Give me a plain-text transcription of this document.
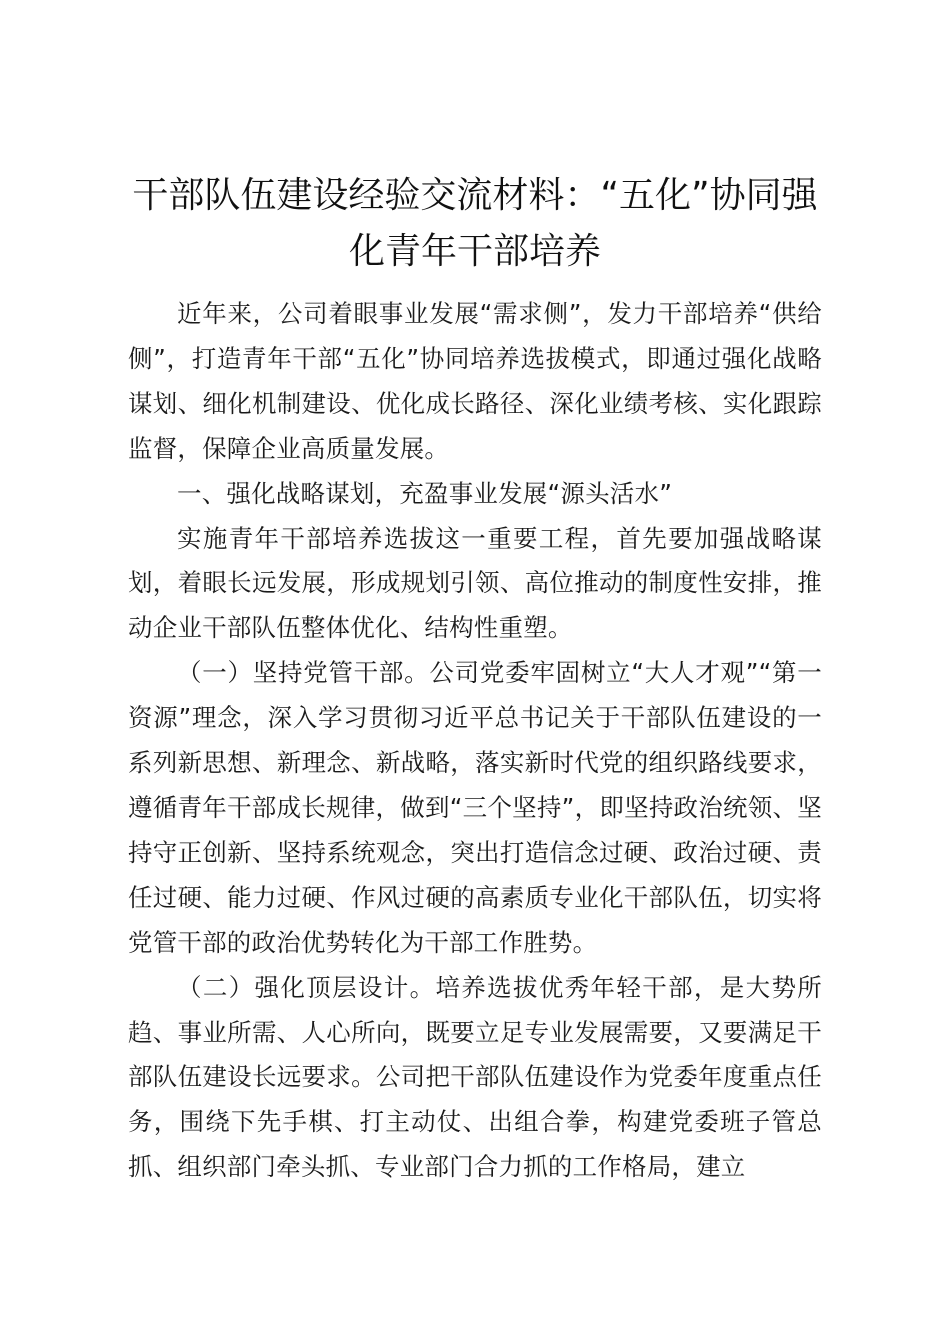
干部队伍建设经验交流材料：“五化”协同强化青年干部培养

近年来，公司着眼事业发展“需求侧”，发力干部培养“供给侧”，打造青年干部“五化”协同培养选拔模式，即通过强化战略谋划、细化机制建设、优化成长路径、深化业绩考核、实化跟踪监督，保障企业高质量发展。

一、强化战略谋划，充盈事业发展“源头活水”

实施青年干部培养选拔这一重要工程，首先要加强战略谋划，着眼长远发展，形成规划引领、高位推动的制度性安排，推动企业干部队伍整体优化、结构性重塑。

（一）坚持党管干部。公司党委牢固树立“大人才观”“第一资源”理念，深入学习贯彻习近平总书记关于干部队伍建设的一系列新思想、新理念、新战略，落实新时代党的组织路线要求，遵循青年干部成长规律，做到“三个坚持”，即坚持政治统领、坚持守正创新、坚持系统观念，突出打造信念过硬、政治过硬、责任过硬、能力过硬、作风过硬的高素质专业化干部队伍，切实将党管干部的政治优势转化为干部工作胜势。

（二）强化顶层设计。培养选拔优秀年轻干部，是大势所趋、事业所需、人心所向，既要立足专业发展需要，又要满足干部队伍建设长远要求。公司把干部队伍建设作为党委年度重点任务，围绕下先手棋、打主动仗、出组合拳，构建党委班子管总抓、组织部门牵头抓、专业部门合力抓的工作格局，建立
